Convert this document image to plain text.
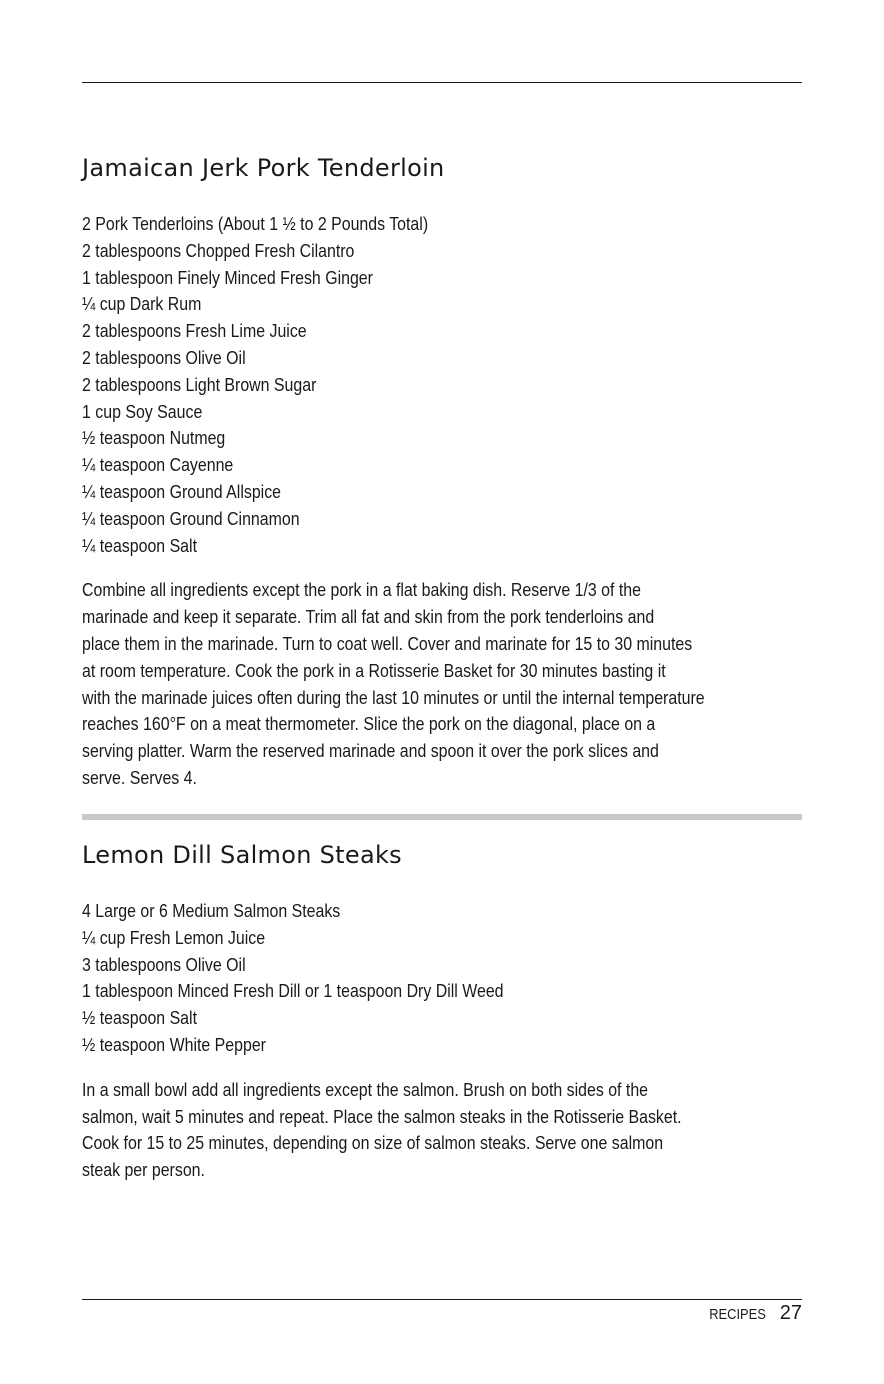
Jamaican Jerk Pork Tenderloin
2 Pork Tenderloins (About 1 ½ to 2 Pounds Total)
2 tablespoons Chopped Fresh Cilantro
1 tablespoon Finely Minced Fresh Ginger
¼ cup Dark Rum
2 tablespoons Fresh Lime Juice
2 tablespoons Olive Oil
2 tablespoons Light Brown Sugar
1 cup Soy Sauce
½ teaspoon Nutmeg
¼ teaspoon Cayenne
¼ teaspoon Ground Allspice
¼ teaspoon Ground Cinnamon
¼ teaspoon Salt

Combine all ingredients except the pork in a flat baking dish. Reserve 1/3 of the
marinade and keep it separate. Trim all fat and skin from the pork tenderloins and
place them in the marinade. Turn to coat well. Cover and marinate for 15 to 30 minutes
at room temperature. Cook the pork in a Rotisserie Basket for 30 minutes basting it
with the marinade juices often during the last 10 minutes or until the internal temperature
reaches 160°F on a meat thermometer. Slice the pork on the diagonal, place on a
serving platter. Warm the reserved marinade and spoon it over the pork slices and
serve. Serves 4.

Lemon Dill Salmon Steaks
4 Large or 6 Medium Salmon Steaks
¼ cup Fresh Lemon Juice
3 tablespoons Olive Oil
1 tablespoon Minced Fresh Dill or 1 teaspoon Dry Dill Weed
½ teaspoon Salt
½ teaspoon White Pepper

In a small bowl add all ingredients except the salmon. Brush on both sides of the
salmon, wait 5 minutes and repeat. Place the salmon steaks in the Rotisserie Basket.
Cook for 15 to 25 minutes, depending on size of salmon steaks. Serve one salmon
steak per person.

RECIPES 27
